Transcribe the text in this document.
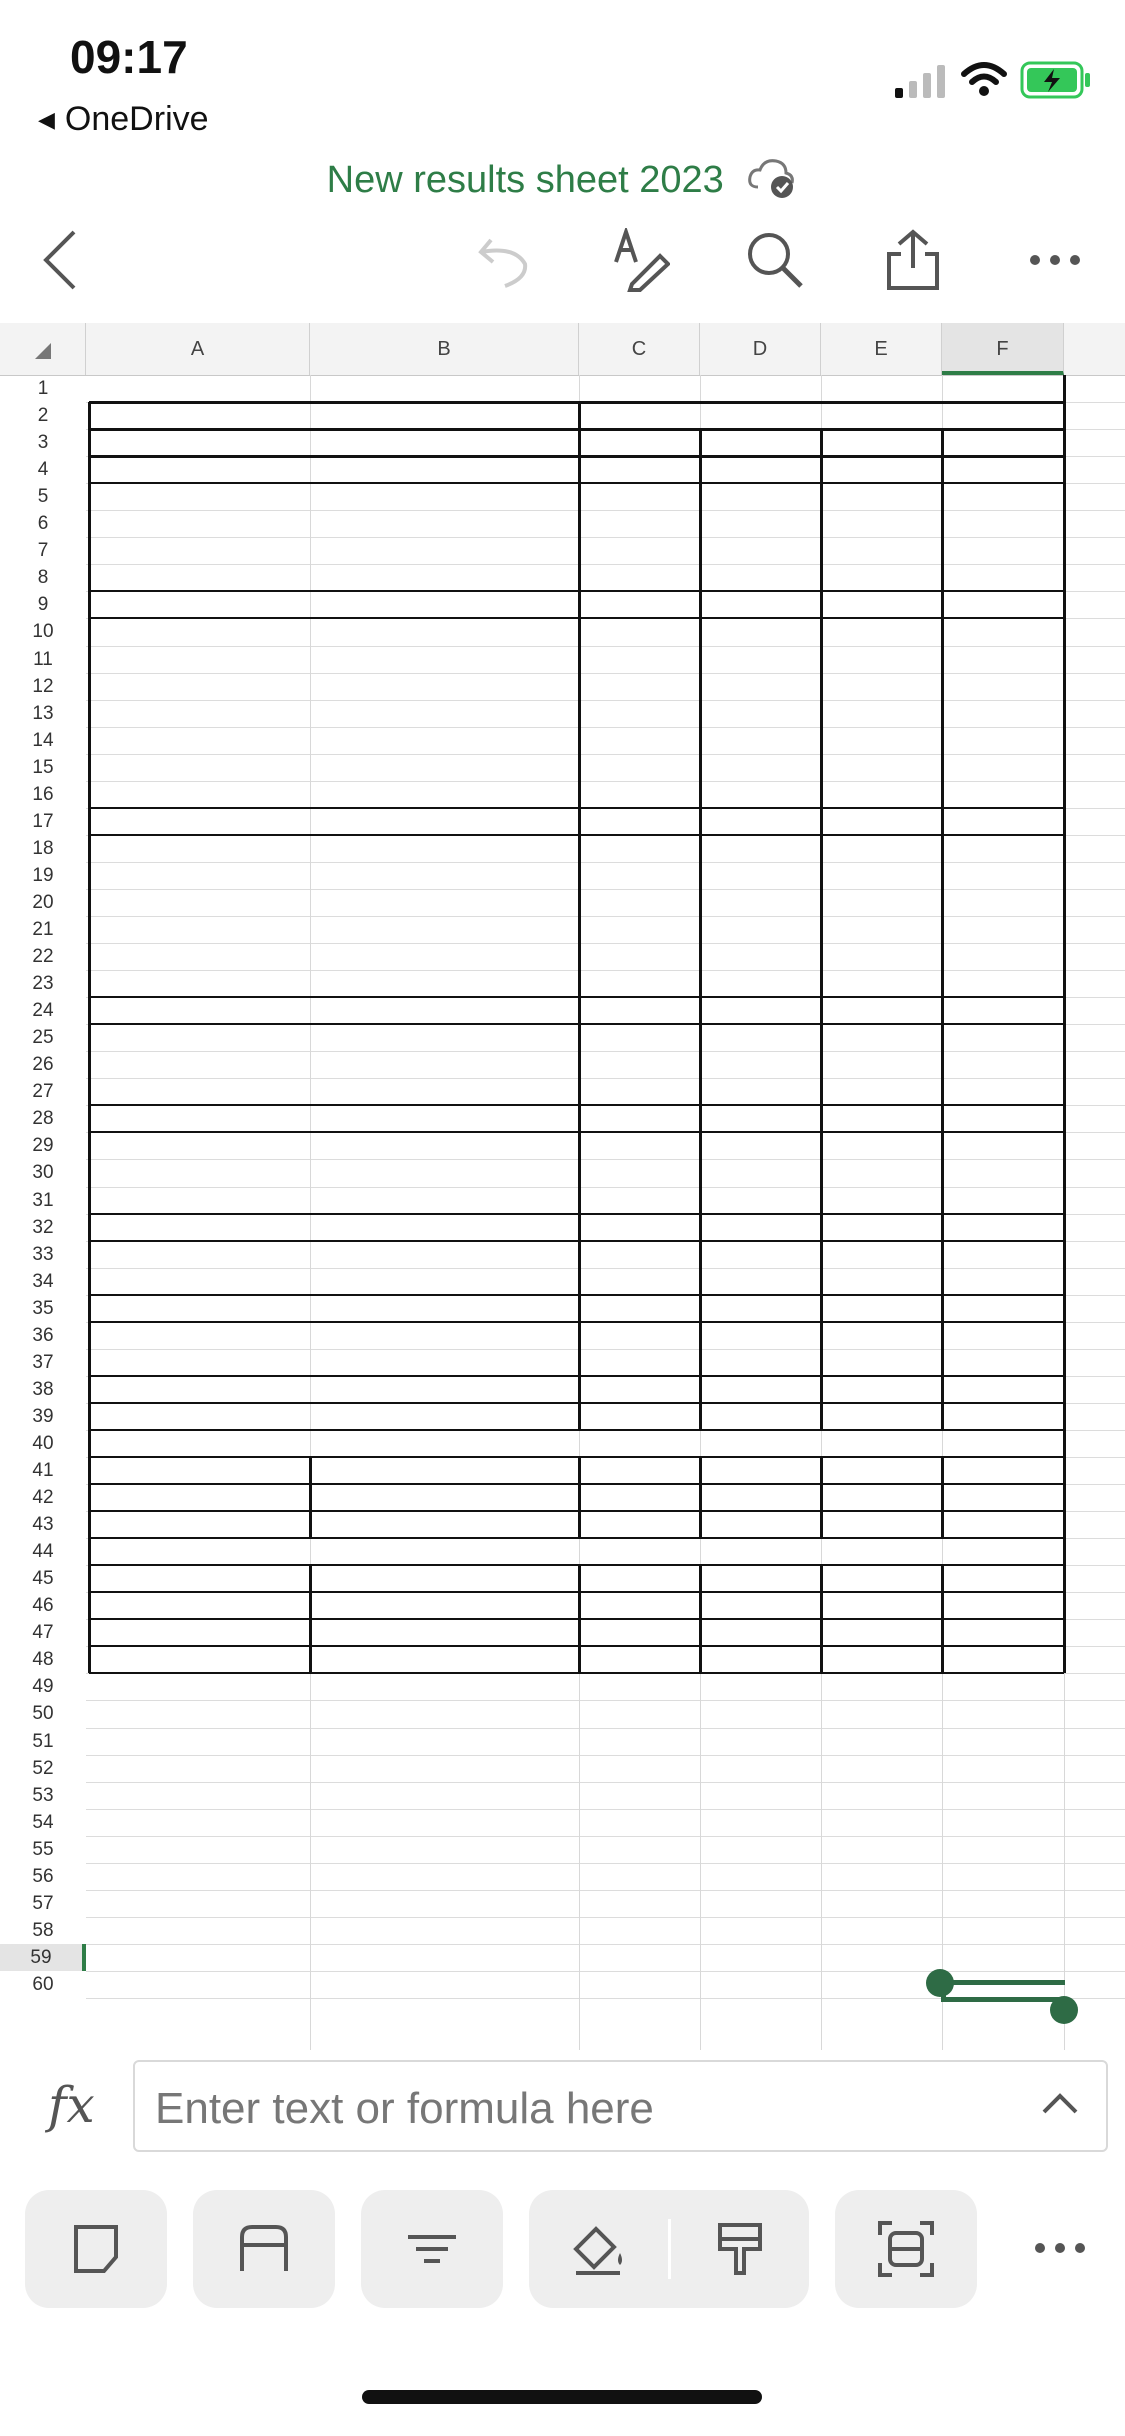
09:17
◀ OneDrive
New results sheet 2023
A	B	C	D	E	F
1
2
3
4
5
6
7
8
9
10
11
12
13
14
15
16
17
18
19
20
21
22
23
24
25
26
27
28
29
30
31
32
33
34
35
36
37
38
39
40
41
42
43
44
45
46
47
48
49
50
51
52
53
54
55
56
57
58
59
60
fx Enter text or formula here
